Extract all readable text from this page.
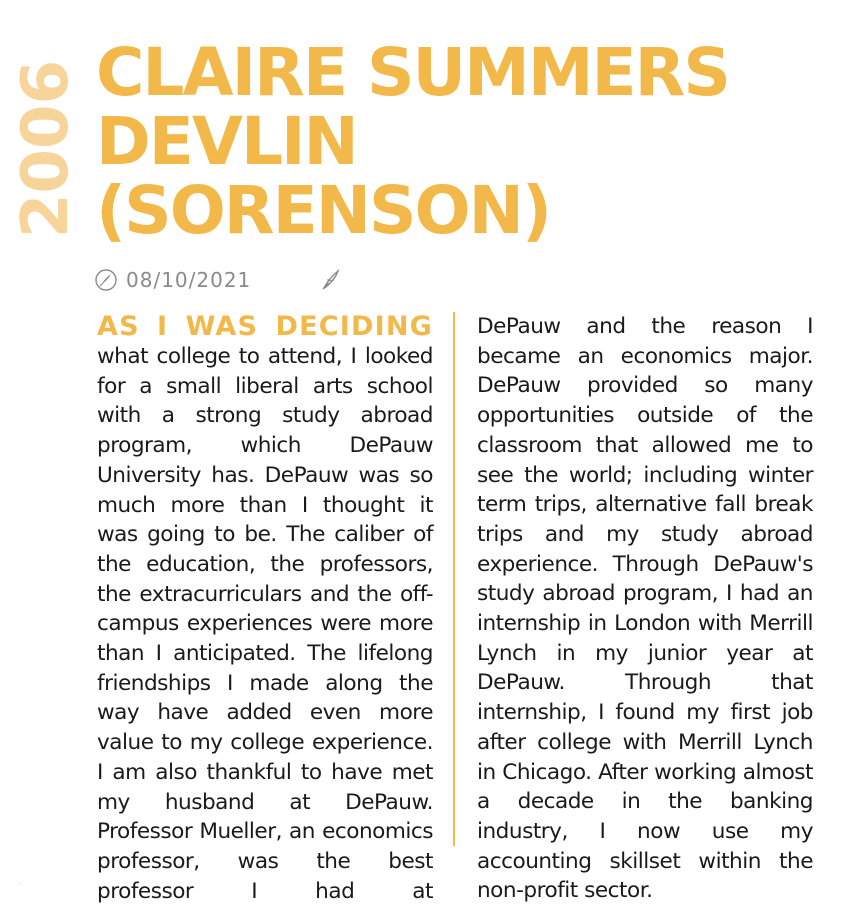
2006 CLAIRE SUMMERS
DEVLIN
(SORENSON)
08/10/2021
AS I WAS DECIDING
what college to attend, I looked for a small liberal arts school with a strong study abroad program, which DePauw University has. DePauw was so much more than I thought it was going to be. The caliber of the education, the professors, the extracurriculars and the off-campus experiences were more than I anticipated. The lifelong friendships I made along the way have added even more value to my college experience. I am also thankful to have met my husband at DePauw. Professor Mueller, an economics professor, was the best professor I had at
DePauw and the reason I became an economics major. DePauw provided so many opportunities outside of the classroom that allowed me to see the world; including winter term trips, alternative fall break trips and my study abroad experience. Through DePauw's study abroad program, I had an internship in London with Merrill Lynch in my junior year at DePauw. Through that internship, I found my first job after college with Merrill Lynch in Chicago. After working almost a decade in the banking industry, I now use my accounting skillset within the non-profit sector.
